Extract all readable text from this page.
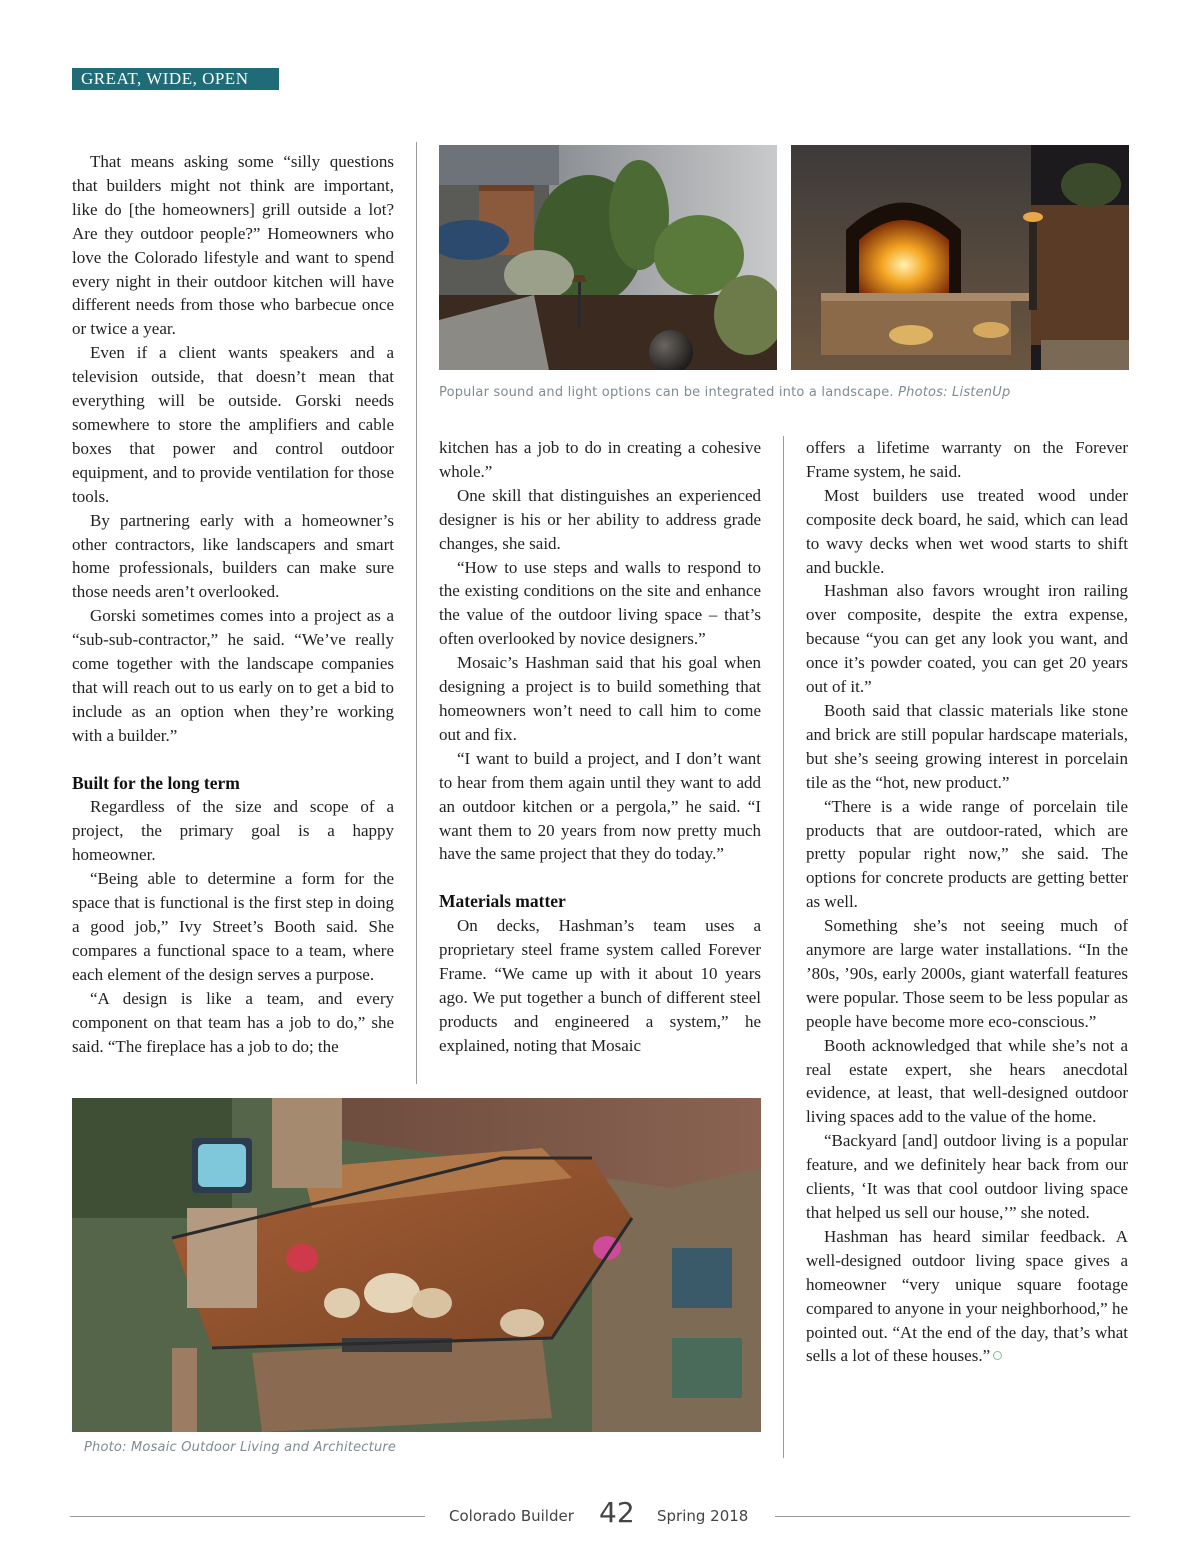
GREAT, WIDE, OPEN

That means asking some “silly questions that builders might not think are important, like do [the homeowners] grill outside a lot? Are they outdoor people?” Homeowners who love the Colorado lifestyle and want to spend every night in their outdoor kitchen will have different needs from those who barbecue once or twice a year.

Even if a client wants speakers and a television outside, that doesn’t mean that everything will be outside. Gorski needs somewhere to store the amplifiers and cable boxes that power and control outdoor equipment, and to provide ventilation for those tools.

By partnering early with a homeowner’s other contractors, like landscapers and smart home professionals, builders can make sure those needs aren’t overlooked.

Gorski sometimes comes into a project as a “sub-sub-contractor,” he said. “We’ve really come together with the landscape companies that will reach out to us early on to get a bid to include as an option when they’re working with a builder.”

Built for the long term

Regardless of the size and scope of a project, the primary goal is a happy homeowner.

“Being able to determine a form for the space that is functional is the first step in doing a good job,” Ivy Street’s Booth said. She compares a functional space to a team, where each element of the design serves a purpose.

“A design is like a team, and every component on that team has a job to do,” she said. “The fireplace has a job to do; the

kitchen has a job to do in creating a cohesive whole.”

One skill that distinguishes an experienced designer is his or her ability to address grade changes, she said.

“How to use steps and walls to respond to the existing conditions on the site and enhance the value of the outdoor living space – that’s often overlooked by novice designers.”

Mosaic’s Hashman said that his goal when designing a project is to build something that homeowners won’t need to call him to come out and fix.

“I want to build a project, and I don’t want to hear from them again until they want to add an outdoor kitchen or a pergola,” he said. “I want them to 20 years from now pretty much have the same project that they do today.”

Materials matter

On decks, Hashman’s team uses a proprietary steel frame system called Forever Frame. “We came up with it about 10 years ago. We put together a bunch of different steel products and engineered a system,” he explained, noting that Mosaic

offers a lifetime warranty on the Forever Frame system, he said.

Most builders use treated wood under composite deck board, he said, which can lead to wavy decks when wet wood starts to shift and buckle.

Hashman also favors wrought iron railing over composite, despite the extra expense, because “you can get any look you want, and once it’s powder coated, you can get 20 years out of it.”

Booth said that classic materials like stone and brick are still popular hardscape materials, but she’s seeing growing interest in porcelain tile as the “hot, new product.”

“There is a wide range of porcelain tile products that are outdoor-rated, which are pretty popular right now,” she said. The options for concrete products are getting better as well.

Something she’s not seeing much of anymore are large water installations. “In the ’80s, ’90s, early 2000s, giant waterfall features were popular. Those seem to be less popular as people have become more eco-conscious.”

Booth acknowledged that while she’s not a real estate expert, she hears anecdotal evidence, at least, that well-designed outdoor living spaces add to the value of the home.

“Backyard [and] outdoor living is a popular feature, and we definitely hear back from our clients, ‘It was that cool outdoor living space that helped us sell our house,’” she noted.

Hashman has heard similar feedback. A well-designed outdoor living space gives a homeowner “very unique square footage compared to anyone in your neighborhood,” he pointed out. “At the end of the day, that’s what sells a lot of these houses.”

Popular sound and light options can be integrated into a landscape. Photos: ListenUp
Photo: Mosaic Outdoor Living and Architecture
Colorado Builder 42 Spring 2018
